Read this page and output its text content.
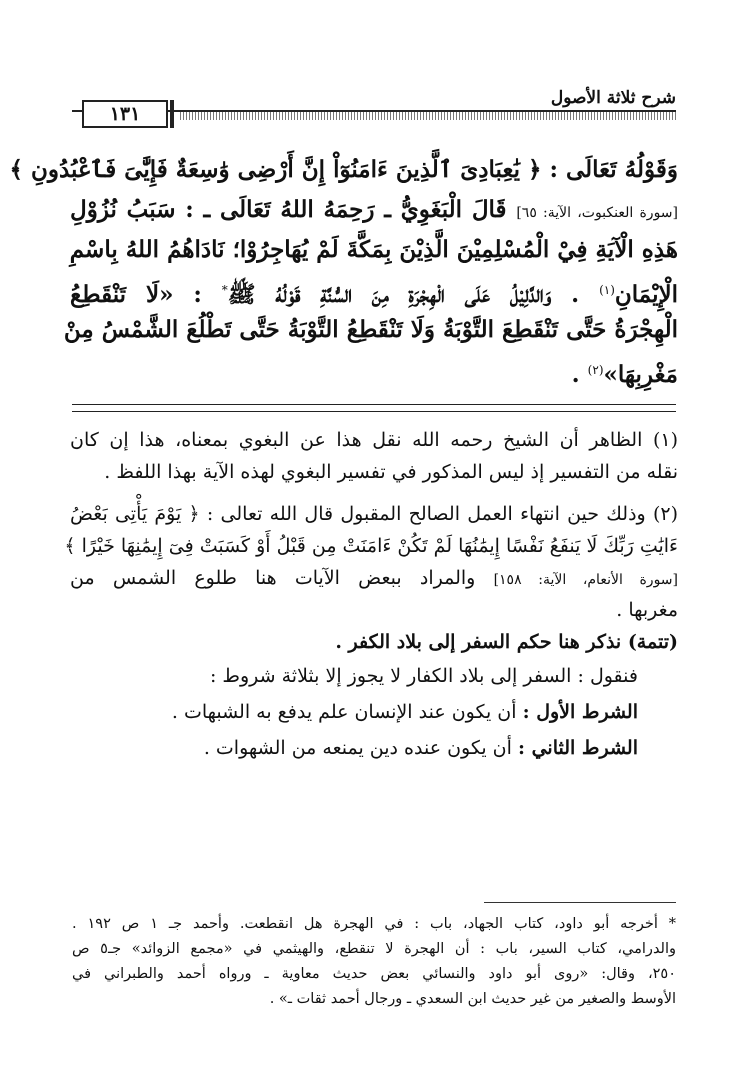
شرح ثلاثة الأصول
١٣١
وَقَوْلُهُ تَعَالَى : ﴿ يَٰعِبَادِىَ ٱلَّذِينَ ءَامَنُوٓاْ إِنَّ أَرْضِى وَٰسِعَةٌ فَإِيَّٰىَ فَٱعْبُدُونِ ﴾
[سورة العنكبوت، الآية: ٦٥] قَالَ الْبَغَوِيُّ ـ رَحِمَهُ اللهُ تَعَالَى ـ : سَبَبُ نُزُوْلِ
هَذِهِ الْآيَةِ فِيْ الْمُسْلِمِيْنَ الَّذِيْنَ بِمَكَّةَ لَمْ يُهَاجِرُوْا؛ نَادَاهُمُ اللهُ بِاسْمِ
الْإِيْمَانِ$^{(١)}$ . وَالدَّلِيْلُ عَلَى الْهِجْرَةِ مِنَ السُّنَّةِ قَوْلُهُ ﷺ* : «لَا تَنْقَطِعُ
الْهِجْرَةُ حَتَّى تَنْقَطِعَ التَّوْبَةُ وَلَا تَنْقَطِعُ التَّوْبَةُ حَتَّى تَطْلُعَ الشَّمْسُ مِنْ
مَغْرِبِهَا»$^{(٢)}$ .
(١) الظاهر أن الشيخ رحمه الله نقل هذا عن البغوي بمعناه، هذا إن كان
نقله من التفسير إذ ليس المذكور في تفسير البغوي لهذه الآية بهذا اللفظ .
(٢) وذلك حين انتهاء العمل الصالح المقبول قال الله تعالى : ﴿ يَوْمَ يَأْتِى بَعْضُ
ءَايَٰتِ رَبِّكَ لَا يَنفَعُ نَفْسًا إِيمَٰنُهَا لَمْ تَكُنْ ءَامَنَتْ مِن قَبْلُ أَوْ كَسَبَتْ فِىٓ إِيمَٰنِهَا خَيْرًا ﴾
[سورة الأنعام، الآية: ١٥٨] والمراد ببعض الآيات هنا طلوع الشمس من
مغربها .
(تتمة) نذكر هنا حكم السفر إلى بلاد الكفر .
فنقول : السفر إلى بلاد الكفار لا يجوز إلا بثلاثة شروط :
الشرط الأول : أن يكون عند الإنسان علم يدفع به الشبهات .
الشرط الثاني : أن يكون عنده دين يمنعه من الشهوات .
* أخرجه أبو داود، كتاب الجهاد، باب : في الهجرة هل انقطعت. وأحمد جـ ١ ص ١٩٢ .
والدرامي، كتاب السير، باب : أن الهجرة لا تنقطع، والهيثمي في «مجمع الزوائد» جـ٥ ص
٢٥٠، وقال: «روى أبو داود والنسائي بعض حديث معاوية ـ ورواه أحمد والطبراني في
الأوسط والصغير من غير حديث ابن السعدي ـ ورجال أحمد ثقات ـ» .
